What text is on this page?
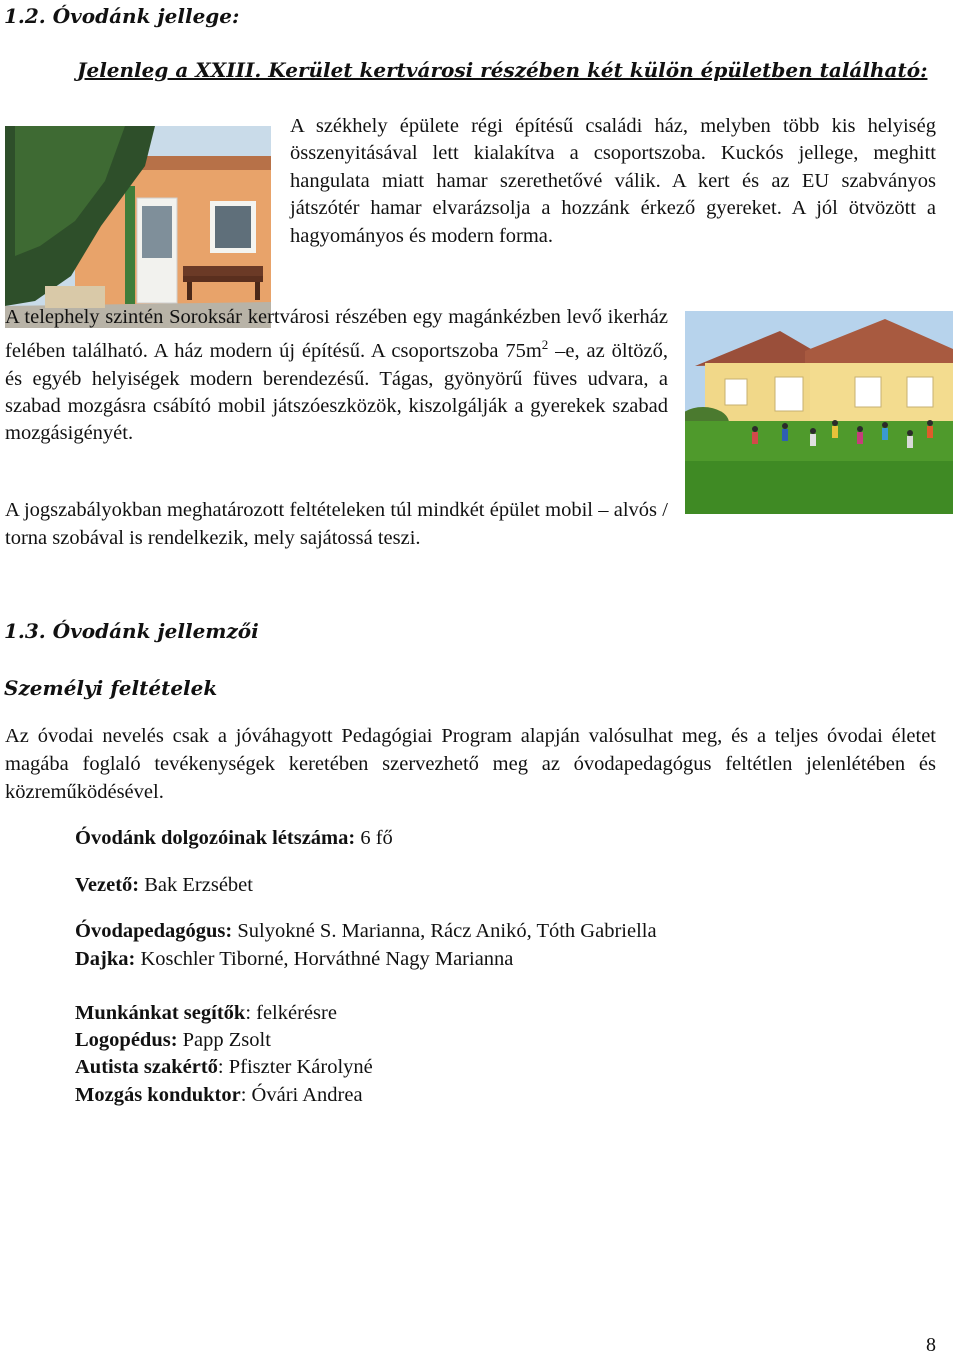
1.2. Óvodánk jellege:
Jelenleg a XXIII. Kerület kertvárosi részében két külön épületben található:

A székhely épülete régi építésű családi ház, melyben több kis helyiség összenyitásával lett kialakítva a csoportszoba. Kuckós jellege, meghitt hangulata miatt hamar szerethetővé válik. A kert és az EU szabványos játszótér hamar elvarázsolja a hozzánk érkező gyereket. A jól ötvözött a hagyományos és modern forma.

A telephely szintén Soroksár kertvárosi részében egy magánkézben levő ikerház felében található. A ház modern új építésű. A csoportszoba $75m^2$ –e, az öltöző, és egyéb helyiségek modern berendezésű. Tágas, gyönyörű füves udvara, a szabad mozgásra csábító mobil játszóeszközök, kiszolgálják a gyerekek szabad mozgásigényét.

A jogszabályokban meghatározott feltételeken túl mindkét épület mobil – alvós / torna szobával is rendelkezik, mely sajátossá teszi.

1.3. Óvodánk jellemzői
Személyi feltételek

Az óvodai nevelés csak a jóváhagyott Pedagógiai Program alapján valósulhat meg, és a teljes óvodai életet magába foglaló tevékenységek keretében szervezhető meg az óvodapedagógus feltétlen jelenlétében és közreműködésével.

Óvodánk dolgozóinak létszáma: 6 fő
Vezető: Bak Erzsébet
Óvodapedagógus: Sulyokné S. Marianna, Rácz Anikó, Tóth Gabriella
Dajka: Koschler Tiborné, Horváthné Nagy Marianna
Munkánkat segítők: felkérésre
Logopédus: Papp Zsolt
Autista szakértő: Pfiszter Károlyné
Mozgás konduktor: Óvári Andrea
8
